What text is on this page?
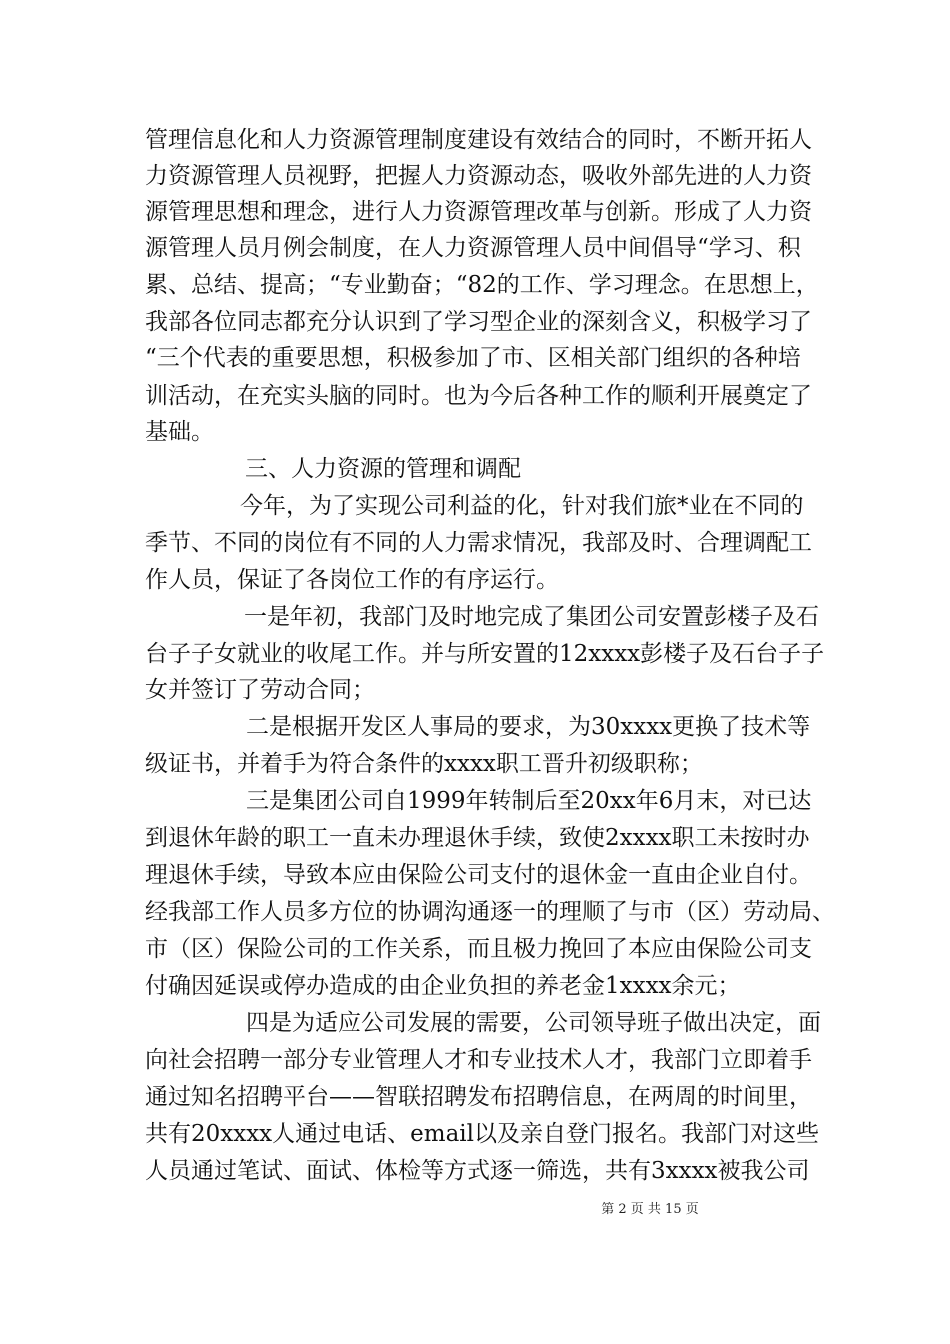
管理信息化和人力资源管理制度建设有效结合的同时，不断开拓人

力资源管理人员视野，把握人力资源动态，吸收外部先进的人力资

源管理思想和理念，进行人力资源管理改革与创新。形成了人力资

源管理人员月例会制度，在人力资源管理人员中间倡导“学习、积

累、总结、提高；“专业勤奋；“82的工作、学习理念。在思想上，

我部各位同志都充分认识到了学习型企业的深刻含义，积极学习了

“三个代表的重要思想，积极参加了市、区相关部门组织的各种培

训活动，在充实头脑的同时。也为今后各种工作的顺利开展奠定了

基础。

三、人力资源的管理和调配

今年，为了实现公司利益的化，针对我们旅*业在不同的

季节、不同的岗位有不同的人力需求情况，我部及时、合理调配工

作人员，保证了各岗位工作的有序运行。

一是年初，我部门及时地完成了集团公司安置彭楼子及石

台子子女就业的收尾工作。并与所安置的12xxxx彭楼子及石台子子

女并签订了劳动合同；

二是根据开发区人事局的要求，为30xxxx更换了技术等

级证书，并着手为符合条件的xxxx职工晋升初级职称；

三是集团公司自1999年转制后至20xx年6月末，对已达

到退休年龄的职工一直未办理退休手续，致使2xxxx职工未按时办

理退休手续，导致本应由保险公司支付的退休金一直由企业自付。

经我部工作人员多方位的协调沟通逐一的理顺了与市（区）劳动局、

市（区）保险公司的工作关系，而且极力挽回了本应由保险公司支

付确因延误或停办造成的由企业负担的养老金1xxxx余元；

四是为适应公司发展的需要，公司领导班子做出决定，面

向社会招聘一部分专业管理人才和专业技术人才，我部门立即着手

通过知名招聘平台——智联招聘发布招聘信息，在两周的时间里，

共有20xxxx人通过电话、email以及亲自登门报名。我部门对这些

人员通过笔试、面试、体检等方式逐一筛选，共有3xxxx被我公司

第 2 页 共 15 页
